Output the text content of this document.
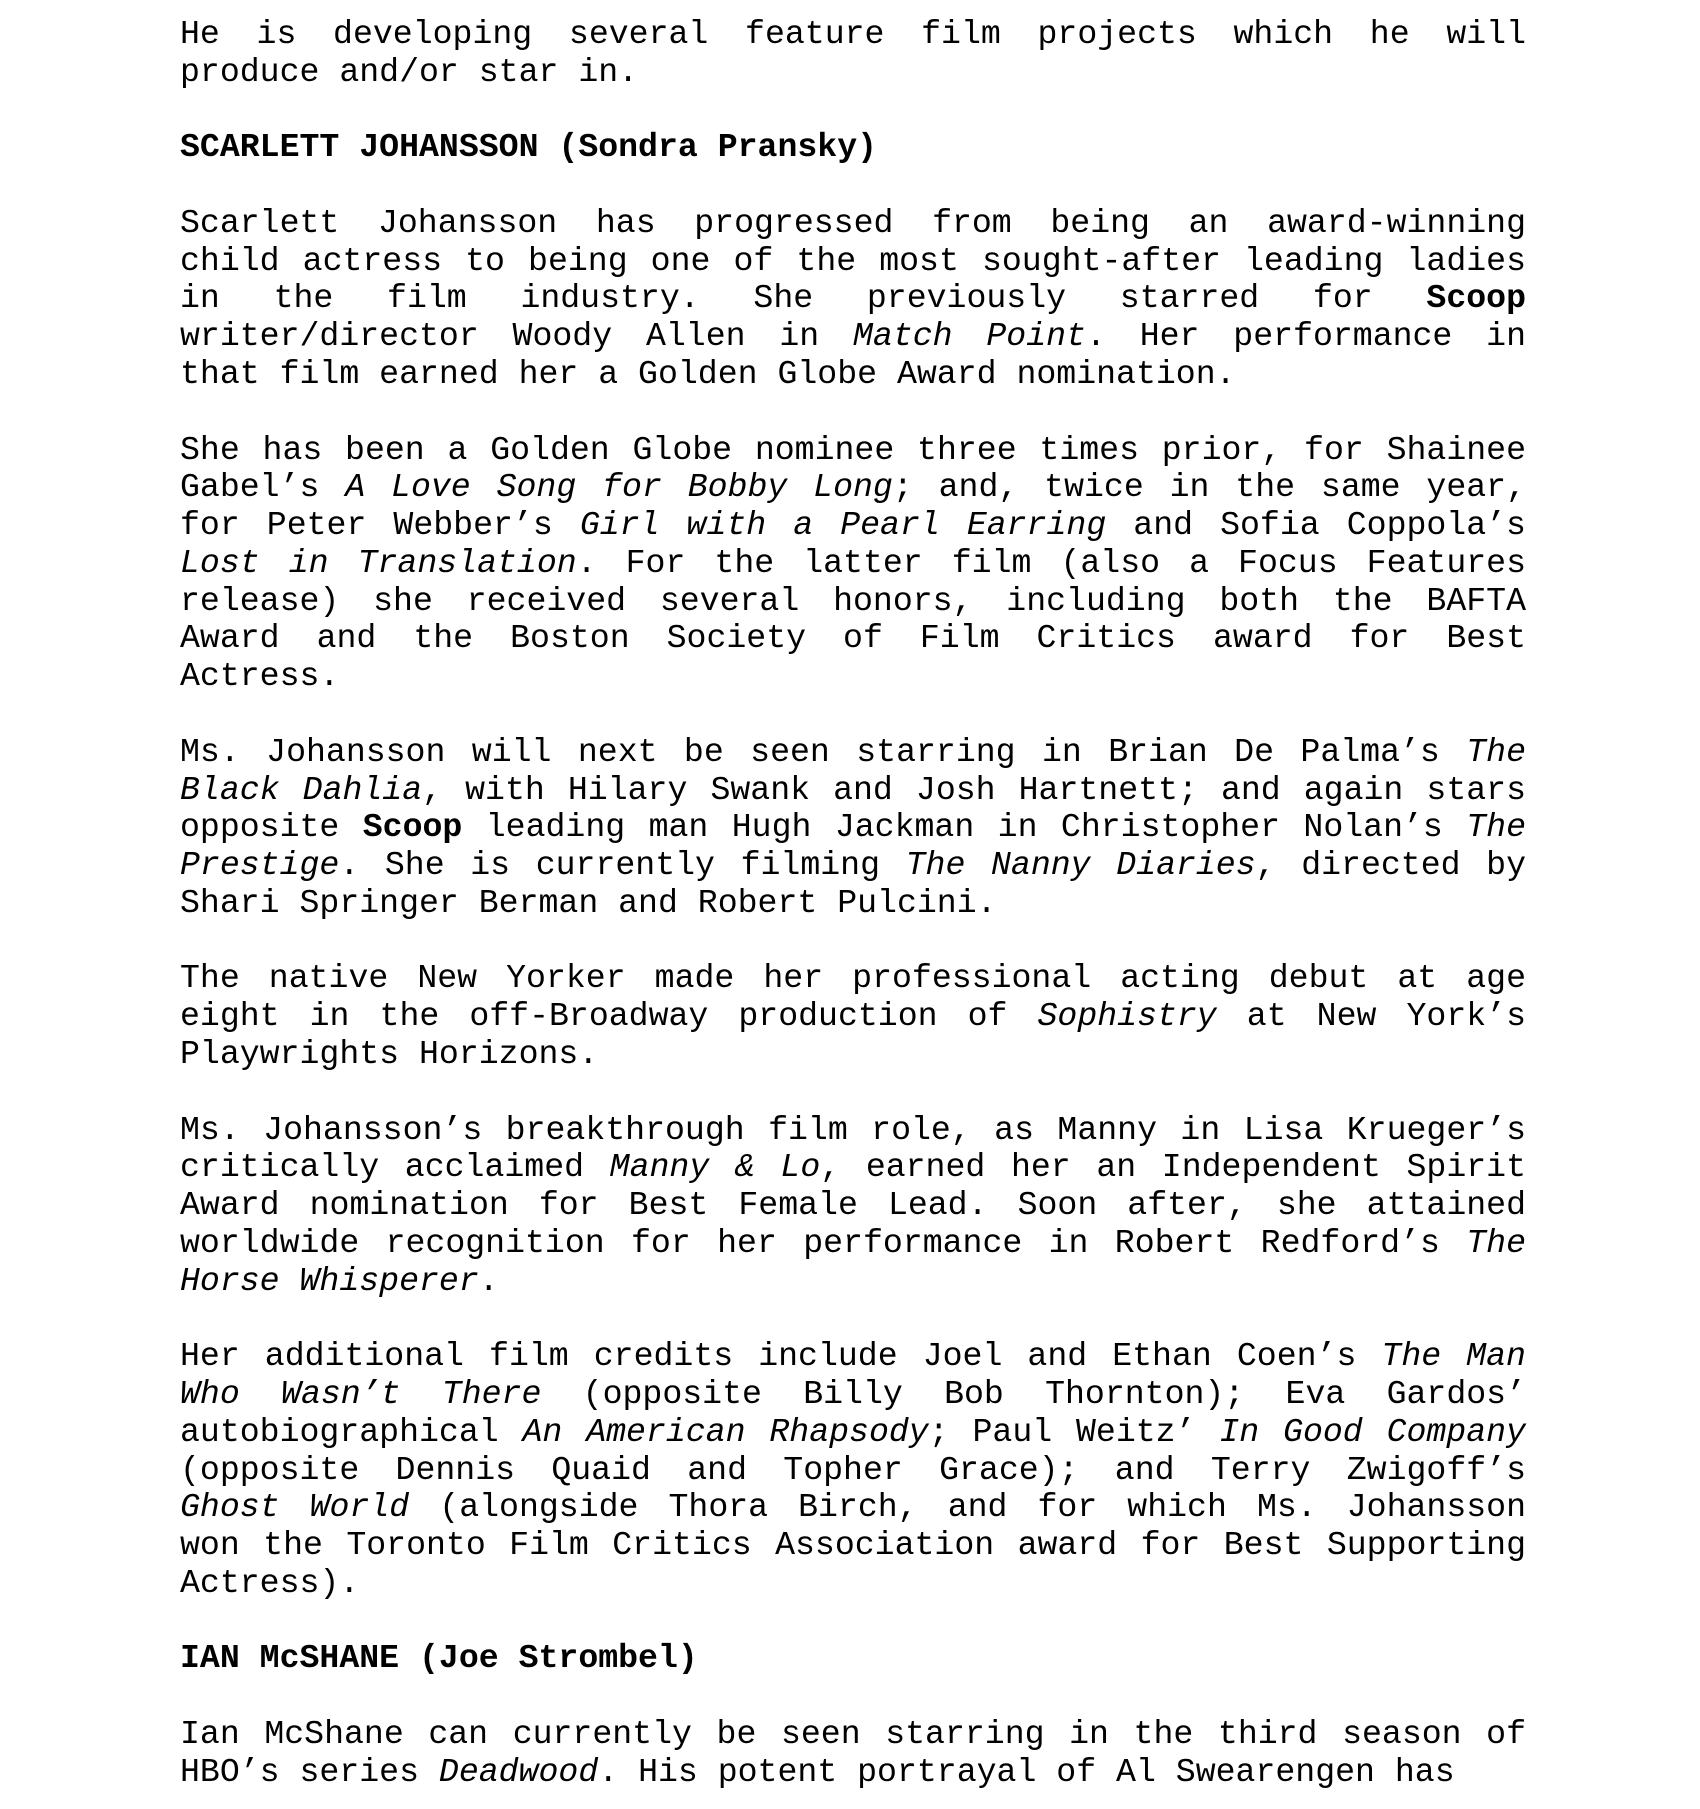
He is developing several feature film projects which he will
produce and/or star in.
SCARLETT JOHANSSON (Sondra Pransky)
Scarlett Johansson has progressed from being an award-winning
child actress to being one of the most sought-after leading ladies
in the film industry. She previously starred for Scoop
writer/director Woody Allen in Match Point. Her performance in
that film earned her a Golden Globe Award nomination.
She has been a Golden Globe nominee three times prior, for Shainee
Gabel’s A Love Song for Bobby Long; and, twice in the same year,
for Peter Webber’s Girl with a Pearl Earring and Sofia Coppola’s
Lost in Translation. For the latter film (also a Focus Features
release) she received several honors, including both the BAFTA
Award and the Boston Society of Film Critics award for Best
Actress.
Ms. Johansson will next be seen starring in Brian De Palma’s The
Black Dahlia, with Hilary Swank and Josh Hartnett; and again stars
opposite Scoop leading man Hugh Jackman in Christopher Nolan’s The
Prestige. She is currently filming The Nanny Diaries, directed by
Shari Springer Berman and Robert Pulcini.
The native New Yorker made her professional acting debut at age
eight in the off-Broadway production of Sophistry at New York’s
Playwrights Horizons.
Ms. Johansson’s breakthrough film role, as Manny in Lisa Krueger’s
critically acclaimed Manny & Lo, earned her an Independent Spirit
Award nomination for Best Female Lead. Soon after, she attained
worldwide recognition for her performance in Robert Redford’s The
Horse Whisperer.
Her additional film credits include Joel and Ethan Coen’s The Man
Who Wasn’t There (opposite Billy Bob Thornton); Eva Gardos’
autobiographical An American Rhapsody; Paul Weitz’ In Good Company
(opposite Dennis Quaid and Topher Grace); and Terry Zwigoff’s
Ghost World (alongside Thora Birch, and for which Ms. Johansson
won the Toronto Film Critics Association award for Best Supporting
Actress).
IAN McSHANE (Joe Strombel)
Ian McShane can currently be seen starring in the third season of
HBO’s series Deadwood. His potent portrayal of Al Swearengen has
